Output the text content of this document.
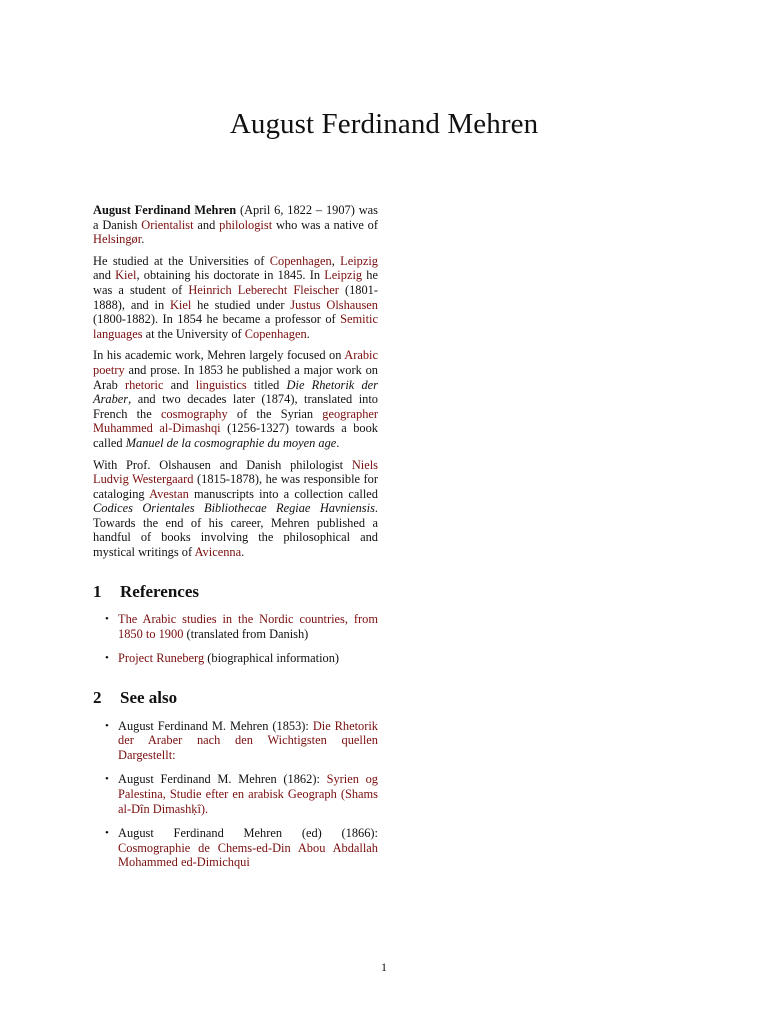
August Ferdinand Mehren

August Ferdinand Mehren (April 6, 1822 – 1907) was a Danish Orientalist and philologist who was a native of Helsingør.

He studied at the Universities of Copenhagen, Leipzig and Kiel, obtaining his doctorate in 1845. In Leipzig he was a student of Heinrich Leberecht Fleischer (1801-1888), and in Kiel he studied under Justus Olshausen (1800-1882). In 1854 he became a professor of Semitic languages at the University of Copenhagen.

In his academic work, Mehren largely focused on Arabic poetry and prose. In 1853 he published a major work on Arab rhetoric and linguistics titled Die Rhetorik der Araber, and two decades later (1874), translated into French the cosmography of the Syrian geographer Muhammed al-Dimashqi (1256-1327) towards a book called Manuel de la cosmographie du moyen age.

With Prof. Olshausen and Danish philologist Niels Ludvig Westergaard (1815-1878), he was responsible for cataloging Avestan manuscripts into a collection called Codices Orientales Bibliothecae Regiae Havniensis. Towards the end of his career, Mehren published a handful of books involving the philosophical and mystical writings of Avicenna.

1	References
• The Arabic studies in the Nordic countries, from 1850 to 1900 (translated from Danish)
• Project Runeberg (biographical information)
2	See also
• August Ferdinand M. Mehren (1853): Die Rhetorik der Araber nach den Wichtigsten quellen Dargestellt:
• August Ferdinand M. Mehren (1862): Syrien og Palestina, Studie efter en arabisk Geograph (Shams al-Dîn Dimashḳî).
• August Ferdinand Mehren (ed) (1866): Cosmographie de Chems-ed-Din Abou Abdallah Mohammed ed-Dimichqui
1
